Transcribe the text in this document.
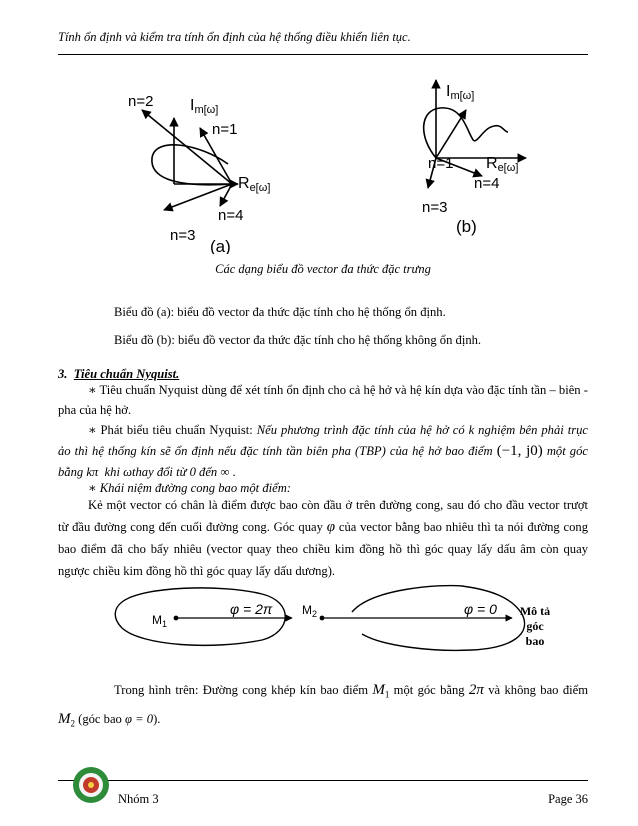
Tính ổn định và kiểm tra tính ổn định của hệ thống điều khiển liên tục.
n=2 Im[ω]
n=1
Re[ω]
n=4
n=3
(a)
Im[ω]
n=1 Re[ω]
n=4
n=3
(b)
Các dạng biểu đồ vector đa thức đặc trưng
Biểu đồ (a): biểu đồ vector đa thức đặc tính cho hệ thống ổn định.
Biểu đồ (b): biểu đồ vector đa thức đặc tính cho hệ thống không ổn định.
3. Tiêu chuẩn Nyquist.
∗ Tiêu chuẩn Nyquist dùng để xét tính ổn định cho cả hệ hở và hệ kín dựa vào đặc tính tần – biên - pha của hệ hở.
∗ Phát biểu tiêu chuẩn Nyquist: Nếu phương trình đặc tính của hệ hở có k nghiệm bên phải trục ảo thì hệ thống kín sẽ ổn định nếu đặc tính tần biên pha (TBP) của hệ hở bao điểm (−1, j0) một góc bằng kπ  khi ωthay đổi từ 0 đến ∞ .
∗ Khái niệm đường cong bao một điểm:
Kẻ một vector có chân là điểm được bao còn đầu ở trên đường cong, sau đó cho đầu vector trượt từ đầu đường cong đến cuối đường cong. Góc quay φ của vector bằng bao nhiêu thì ta nói đường cong bao điểm đã cho bấy nhiêu (vector quay theo chiều kim đồng hồ thì góc quay lấy dấu âm còn quay ngược chiều kim đồng hồ thì góc quay lấy dấu dương).
$M_1$
φ = 2π $M_2$	φ = 0	Mô tả
góc
bao
Trong hình trên: Đường cong khép kín bao điểm $M_1$ một góc bằng 2π và không bao điểm $M_2$ (góc bao φ = 0).
Nhóm 3	Page 36
